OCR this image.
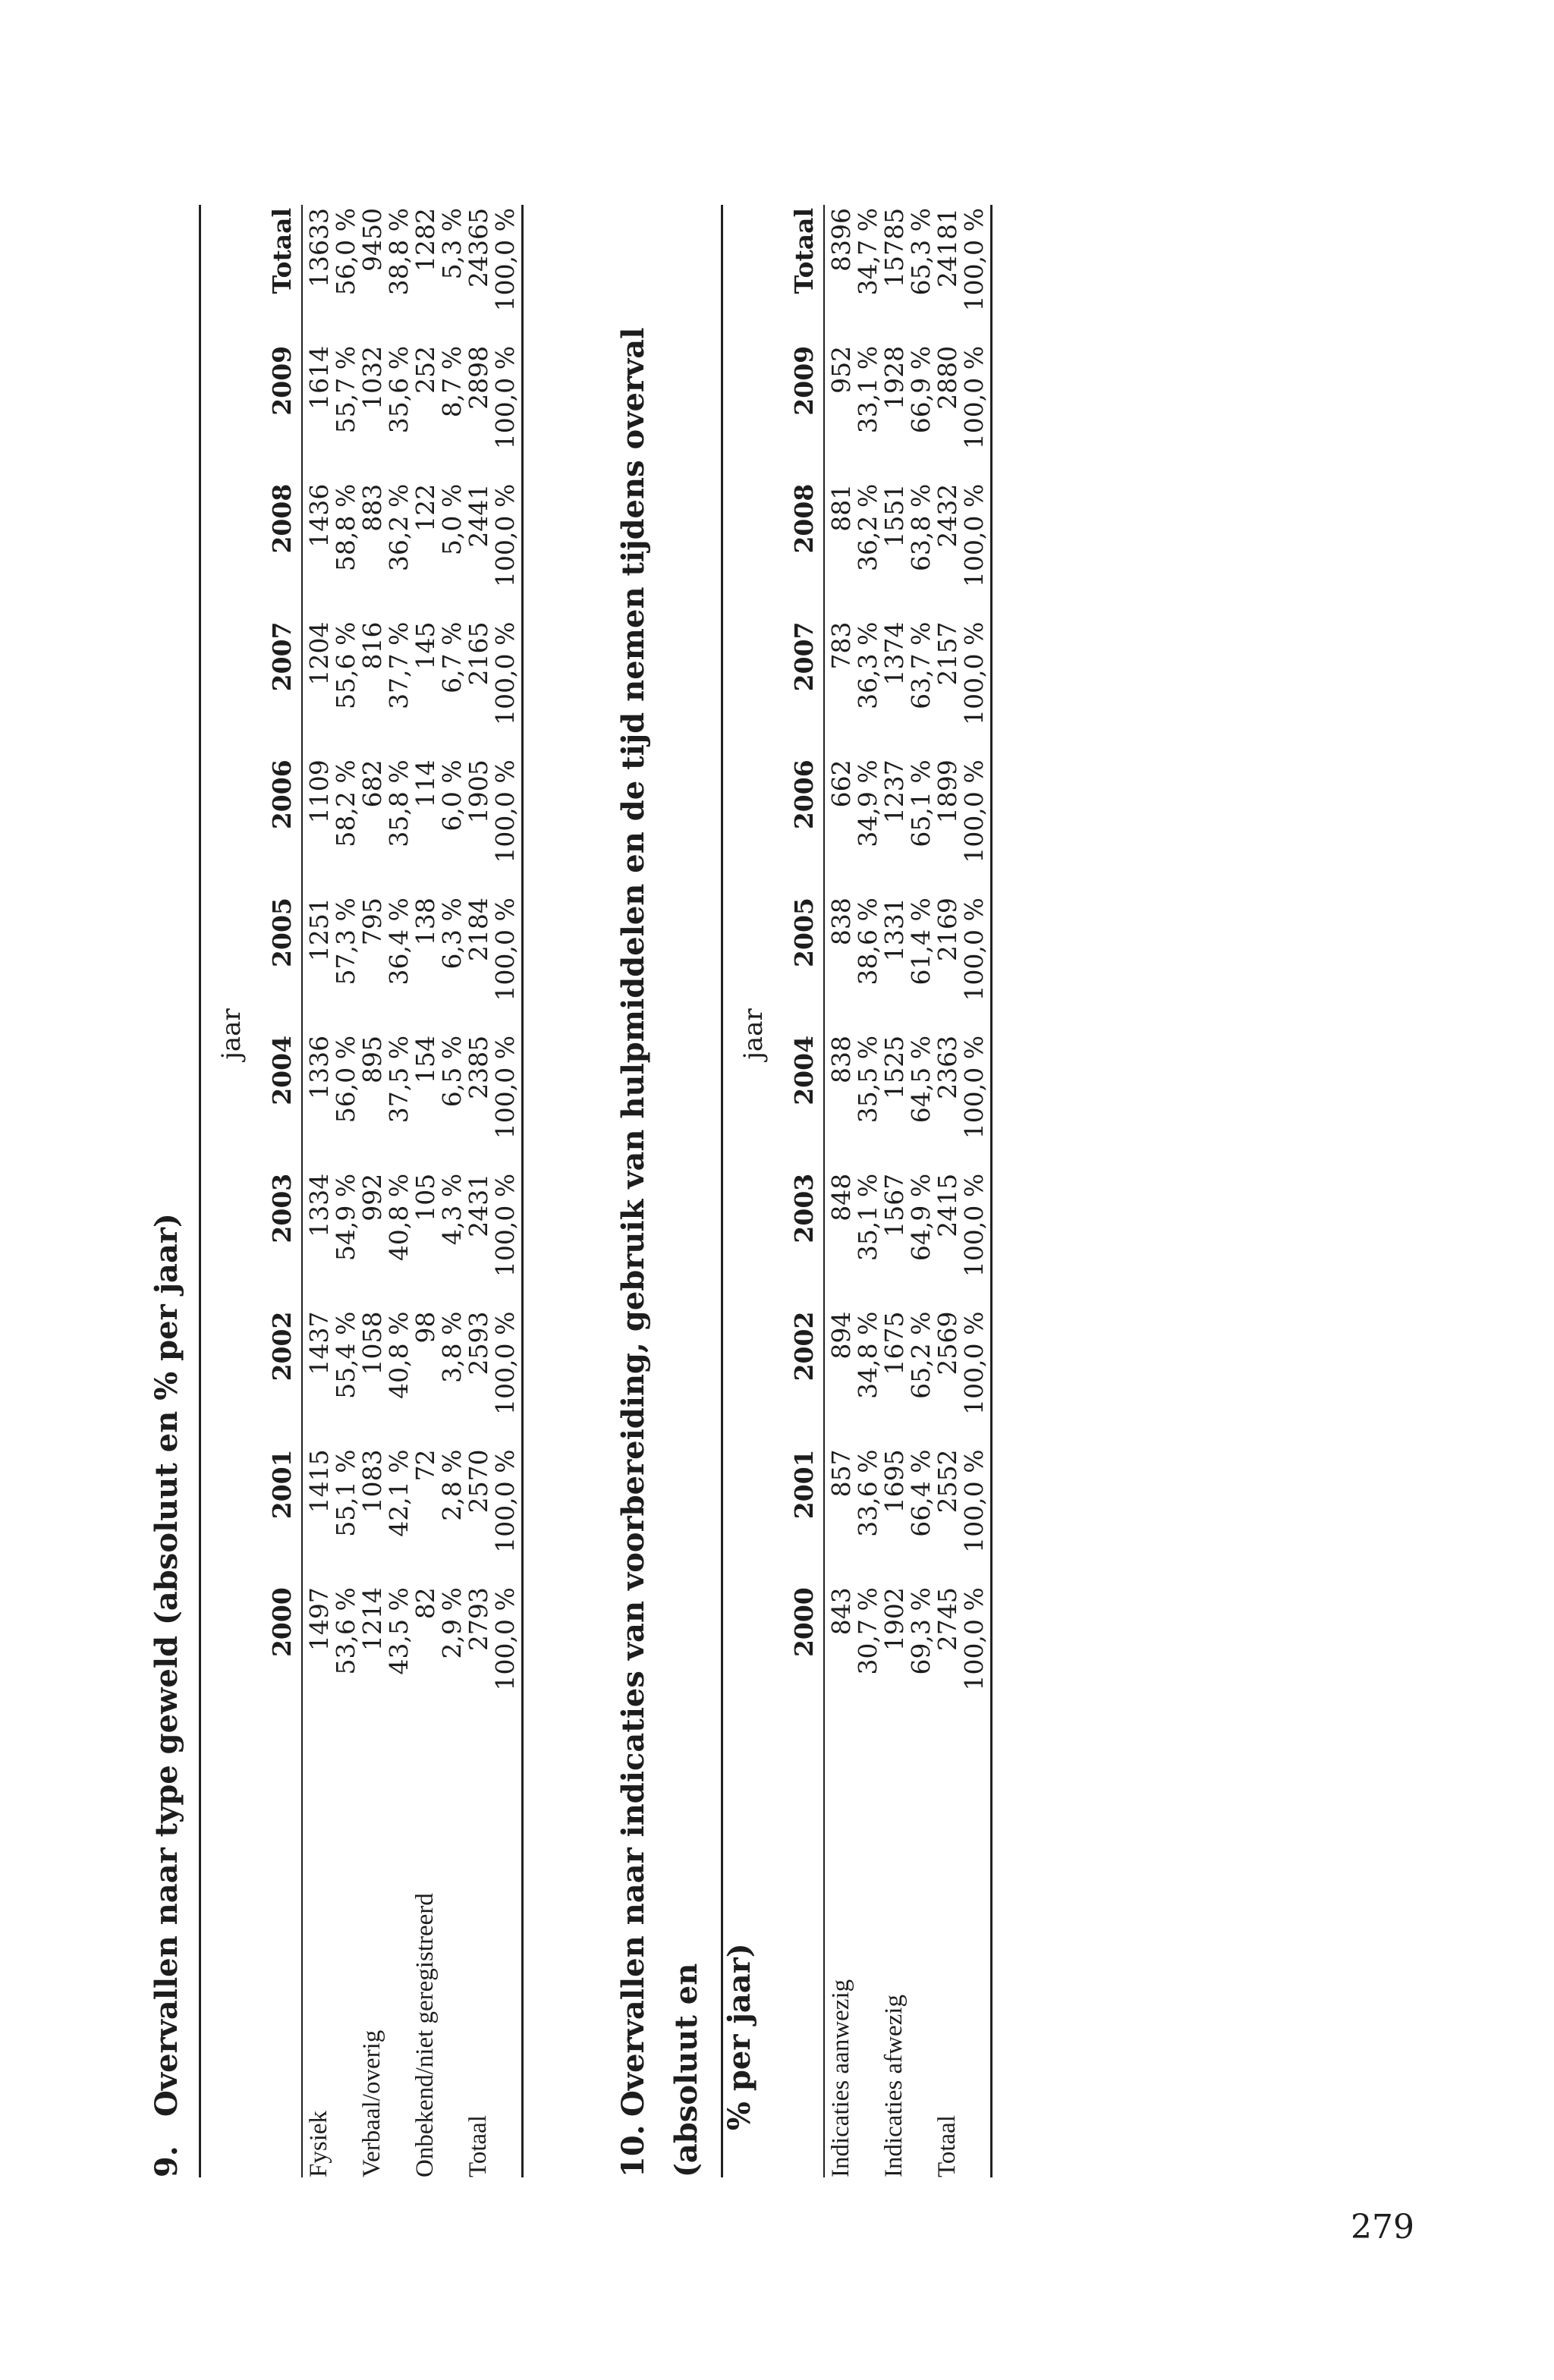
9.Overvallen naar type geweld (absoluut en % per jaar)
	jaar										
	2000	2001	2002	2003	2004	2005	2006	2007	2008	2009	Totaal
Fysiek	1497	1415	1437	1334	1336	1251	1109	1204	1436	1614	13633
	53,6 %	55,1 %	55,4 %	54,9 %	56,0 %	57,3 %	58,2 %	55,6 %	58,8 %	55,7 %	56,0 %
Verbaal/overig	1214	1083	1058	992	895	795	682	816	883	1032	9450
	43,5 %	42,1 %	40,8 %	40,8 %	37,5 %	36,4 %	35,8 %	37,7 %	36,2 %	35,6 %	38,8 %
Onbekend/niet geregistreerd	82	72	98	105	154	138	114	145	122	252	1282
	2,9 %	2,8 %	3,8 %	4,3 %	6,5 %	6,3 %	6,0 %	6,7 %	5,0 %	8,7 %	5,3 %
Totaal	2793	2570	2593	2431	2385	2184	1905	2165	2441	2898	24365
	100,0 %	100,0 %	100,0 %	100,0 %	100,0 %	100,0 %	100,0 %	100,0 %	100,0 %	100,0 %	100,0 %
10.Overvallen naar indicaties van voorbereiding, gebruik van hulpmiddelen en de tijd nemen tijdens overval (absoluut en % per jaar)
	jaar										
	2000	2001	2002	2003	2004	2005	2006	2007	2008	2009	Totaal
Indicaties aanwezig	843	857	894	848	838	838	662	783	881	952	8396
	30,7 %	33,6 %	34,8 %	35,1 %	35,5 %	38,6 %	34,9 %	36,3 %	36,2 %	33,1 %	34,7 %
Indicaties afwezig	1902	1695	1675	1567	1525	1331	1237	1374	1551	1928	15785
	69,3 %	66,4 %	65,2 %	64,9 %	64,5 %	61,4 %	65,1 %	63,7 %	63,8 %	66,9 %	65,3 %
Totaal	2745	2552	2569	2415	2363	2169	1899	2157	2432	2880	24181
	100,0 %	100,0 %	100,0 %	100,0 %	100,0 %	100,0 %	100,0 %	100,0 %	100,0 %	100,0 %	100,0 %
279
